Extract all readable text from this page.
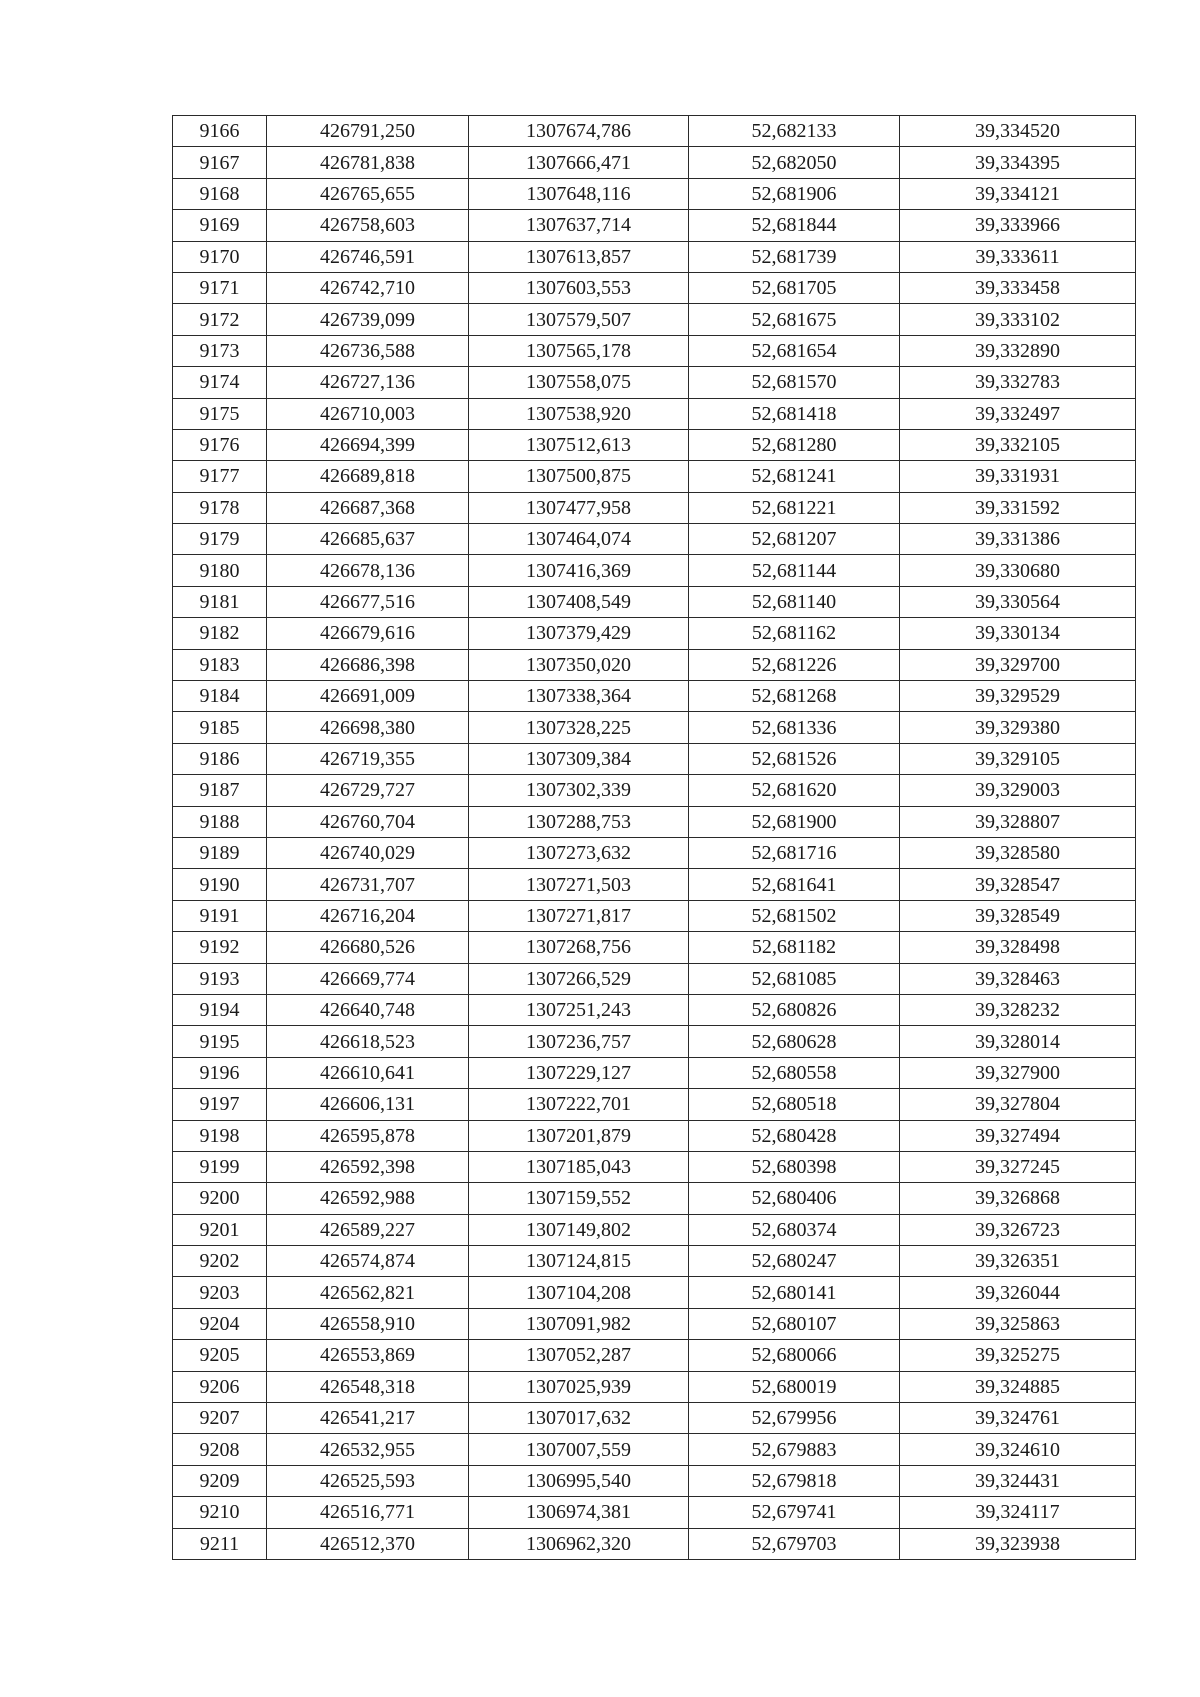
9166	426791,250	1307674,786	52,682133	39,334520
9167	426781,838	1307666,471	52,682050	39,334395
9168	426765,655	1307648,116	52,681906	39,334121
9169	426758,603	1307637,714	52,681844	39,333966
9170	426746,591	1307613,857	52,681739	39,333611
9171	426742,710	1307603,553	52,681705	39,333458
9172	426739,099	1307579,507	52,681675	39,333102
9173	426736,588	1307565,178	52,681654	39,332890
9174	426727,136	1307558,075	52,681570	39,332783
9175	426710,003	1307538,920	52,681418	39,332497
9176	426694,399	1307512,613	52,681280	39,332105
9177	426689,818	1307500,875	52,681241	39,331931
9178	426687,368	1307477,958	52,681221	39,331592
9179	426685,637	1307464,074	52,681207	39,331386
9180	426678,136	1307416,369	52,681144	39,330680
9181	426677,516	1307408,549	52,681140	39,330564
9182	426679,616	1307379,429	52,681162	39,330134
9183	426686,398	1307350,020	52,681226	39,329700
9184	426691,009	1307338,364	52,681268	39,329529
9185	426698,380	1307328,225	52,681336	39,329380
9186	426719,355	1307309,384	52,681526	39,329105
9187	426729,727	1307302,339	52,681620	39,329003
9188	426760,704	1307288,753	52,681900	39,328807
9189	426740,029	1307273,632	52,681716	39,328580
9190	426731,707	1307271,503	52,681641	39,328547
9191	426716,204	1307271,817	52,681502	39,328549
9192	426680,526	1307268,756	52,681182	39,328498
9193	426669,774	1307266,529	52,681085	39,328463
9194	426640,748	1307251,243	52,680826	39,328232
9195	426618,523	1307236,757	52,680628	39,328014
9196	426610,641	1307229,127	52,680558	39,327900
9197	426606,131	1307222,701	52,680518	39,327804
9198	426595,878	1307201,879	52,680428	39,327494
9199	426592,398	1307185,043	52,680398	39,327245
9200	426592,988	1307159,552	52,680406	39,326868
9201	426589,227	1307149,802	52,680374	39,326723
9202	426574,874	1307124,815	52,680247	39,326351
9203	426562,821	1307104,208	52,680141	39,326044
9204	426558,910	1307091,982	52,680107	39,325863
9205	426553,869	1307052,287	52,680066	39,325275
9206	426548,318	1307025,939	52,680019	39,324885
9207	426541,217	1307017,632	52,679956	39,324761
9208	426532,955	1307007,559	52,679883	39,324610
9209	426525,593	1306995,540	52,679818	39,324431
9210	426516,771	1306974,381	52,679741	39,324117
9211	426512,370	1306962,320	52,679703	39,323938
